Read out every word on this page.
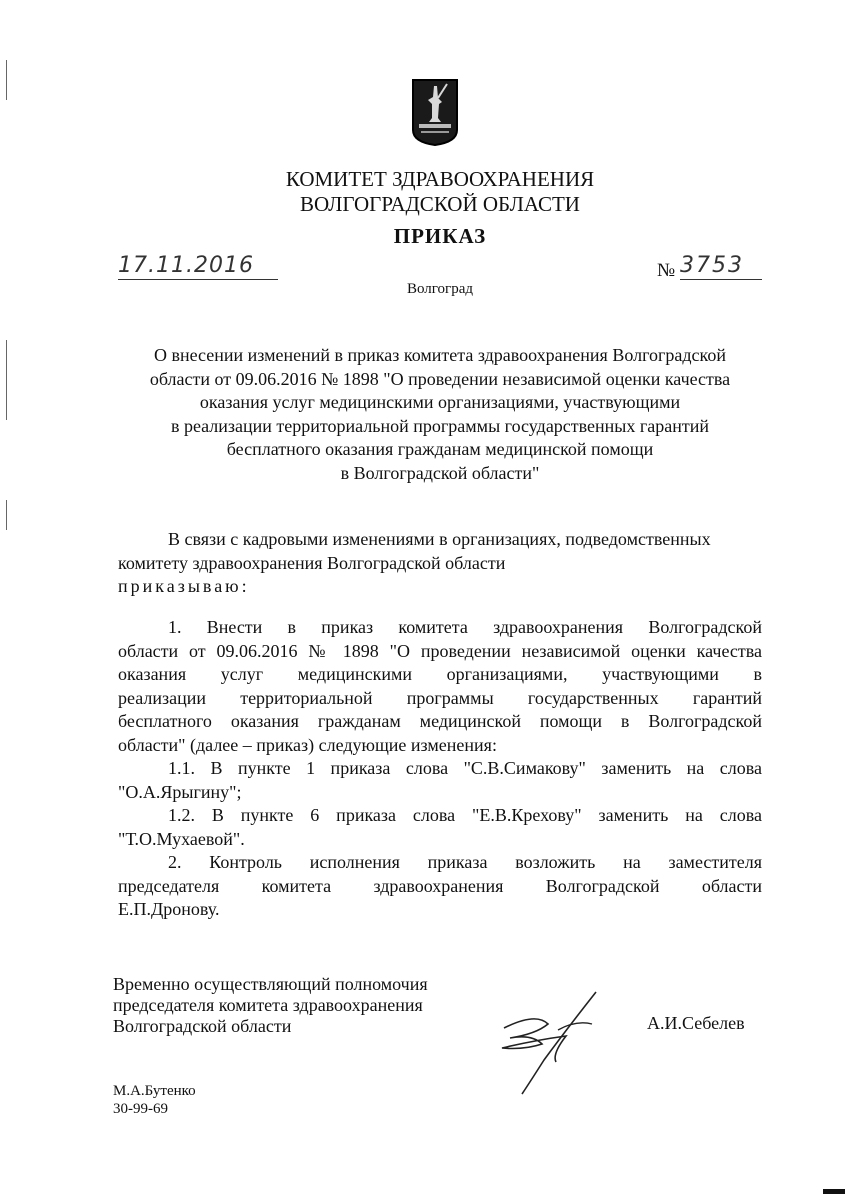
КОМИТЕТ ЗДРАВООХРАНЕНИЯ
ВОЛГОГРАДСКОЙ ОБЛАСТИ
ПРИКАЗ
17.11.2016	№ 3753
Волгоград
О внесении изменений в приказ комитета здравоохранения Волгоградской
области от 09.06.2016 № 1898 "О проведении независимой оценки качества
оказания услуг медицинскими организациями, участвующими
в реализации территориальной программы государственных гарантий
бесплатного оказания гражданам медицинской помощи
в Волгоградской области"
В связи с кадровыми изменениями в организациях, подведомственных
комитету здравоохранения Волгоградской области
приказываю:
1. Внести в приказ комитета здравоохранения Волгоградской
области от 09.06.2016 № 1898 "О проведении независимой оценки качества
оказания услуг медицинскими организациями, участвующими в
реализации территориальной программы государственных гарантий
бесплатного оказания гражданам медицинской помощи в Волгоградской
области" (далее – приказ) следующие изменения:
1.1. В пункте 1 приказа слова "С.В.Симакову" заменить на слова
"О.А.Ярыгину";
1.2. В пункте 6 приказа слова "Е.В.Крехову" заменить на слова
"Т.О.Мухаевой".
2. Контроль исполнения приказа возложить на заместителя
председателя комитета здравоохранения Волгоградской области
Е.П.Дронову.
Временно осуществляющий полномочия
председателя комитета здравоохранения
Волгоградской области	А.И.Себелев
М.А.Бутенко
30-99-69
